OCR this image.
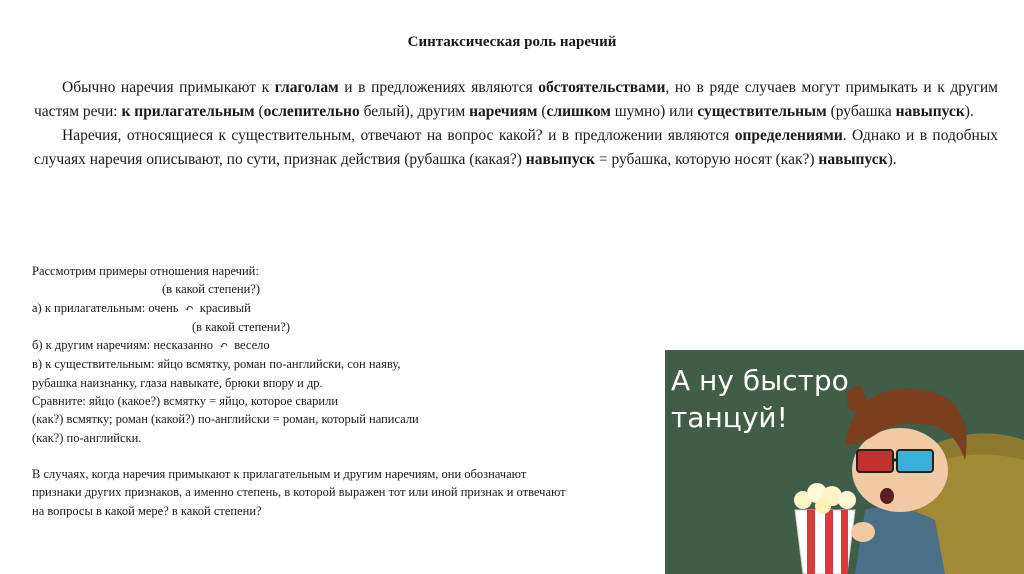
Синтаксическая роль наречий

Обычно наречия примыкают к глаголам и в предложениях являются обстоятельствами, но в ряде случаев могут примыкать и к другим частям речи: к прилагательным (ослепительно белый), другим наречиям (слишком шумно) или существительным (рубашка навыпуск).

Наречия, относящиеся к существительным, отвечают на вопрос какой? и в предложении являются определениями. Однако и в подобных случаях наречия описывают, по сути, признак действия (рубашка (какая?) навыпуск = рубашка, которую носят (как?) навыпуск).

Рассмотрим примеры отношения наречий:
(в какой степени?)
а) к прилагательным: очень ↶ красивый
(в какой степени?)
б) к другим наречиям: несказанно ↶ весело
в) к существительным: яйцо всмятку, роман по-английски, сон наяву,
рубашка наизнанку, глаза навыкате, брюки впору и др.
Сравните: яйцо (какое?) всмятку = яйцо, которое сварили
(как?) всмятку; роман (какой?) по-английски = роман, который написали
(как?) по-английски.
В случаях, когда наречия примыкают к прилагательным и другим наречиям, они обозначают признаки других признаков, а именно степень, в которой выражен тот или иной признак и отвечают на вопросы в какой мере? в какой степени?
А ну быстро
танцуй!
